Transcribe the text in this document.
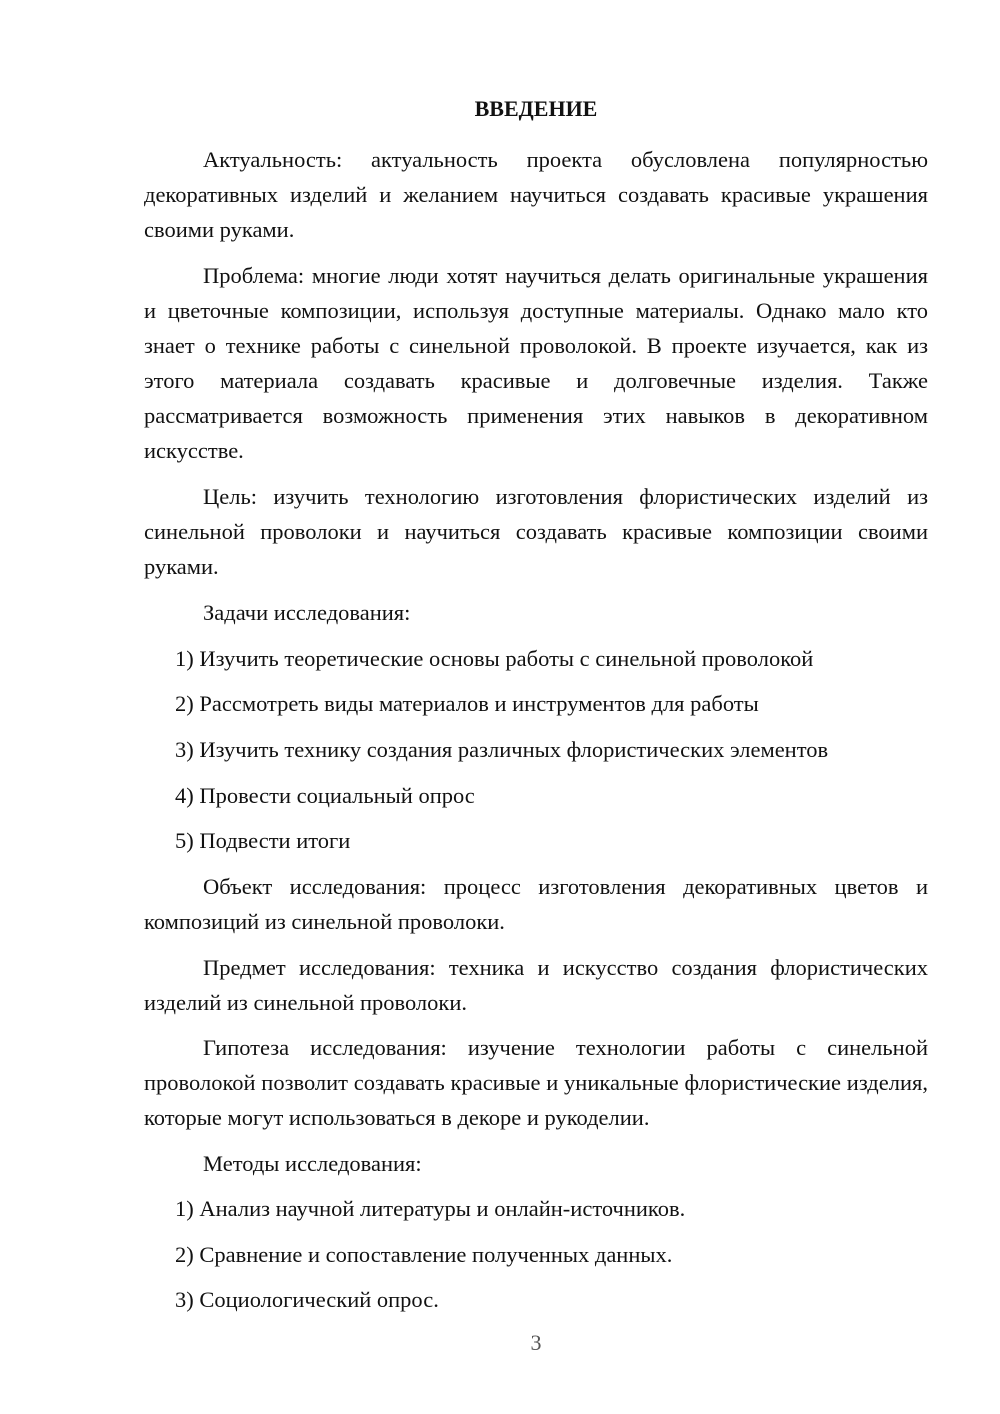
ВВЕДЕНИЕ

Актуальность: актуальность проекта обусловлена популярностью декоративных изделий и желанием научиться создавать красивые украшения своими руками.

Проблема: многие люди хотят научиться делать оригинальные украшения и цветочные композиции, используя доступные материалы. Однако мало кто знает о технике работы с синельной проволокой. В проекте изучается, как из этого материала создавать красивые и долговечные изделия. Также рассматривается возможность применения этих навыков в декоративном искусстве.

Цель: изучить технологию изготовления флористических изделий из синельной проволоки и научиться создавать красивые композиции своими руками.

Задачи исследования:

1) Изучить теоретические основы работы с синельной проволокой

2) Рассмотреть виды материалов и инструментов для работы

3) Изучить технику создания различных флористических элементов

4) Провести социальный опрос

5) Подвести итоги

Объект исследования: процесс изготовления декоративных цветов и композиций из синельной проволоки.

Предмет исследования: техника и искусство создания флористических изделий из синельной проволоки.

Гипотеза исследования: изучение технологии работы с синельной проволокой позволит создавать красивые и уникальные флористические изделия, которые могут использоваться в декоре и рукоделии.

Методы исследования:

1) Анализ научной литературы и онлайн-источников.

2) Сравнение и сопоставление полученных данных.

3) Социологический опрос.

3
